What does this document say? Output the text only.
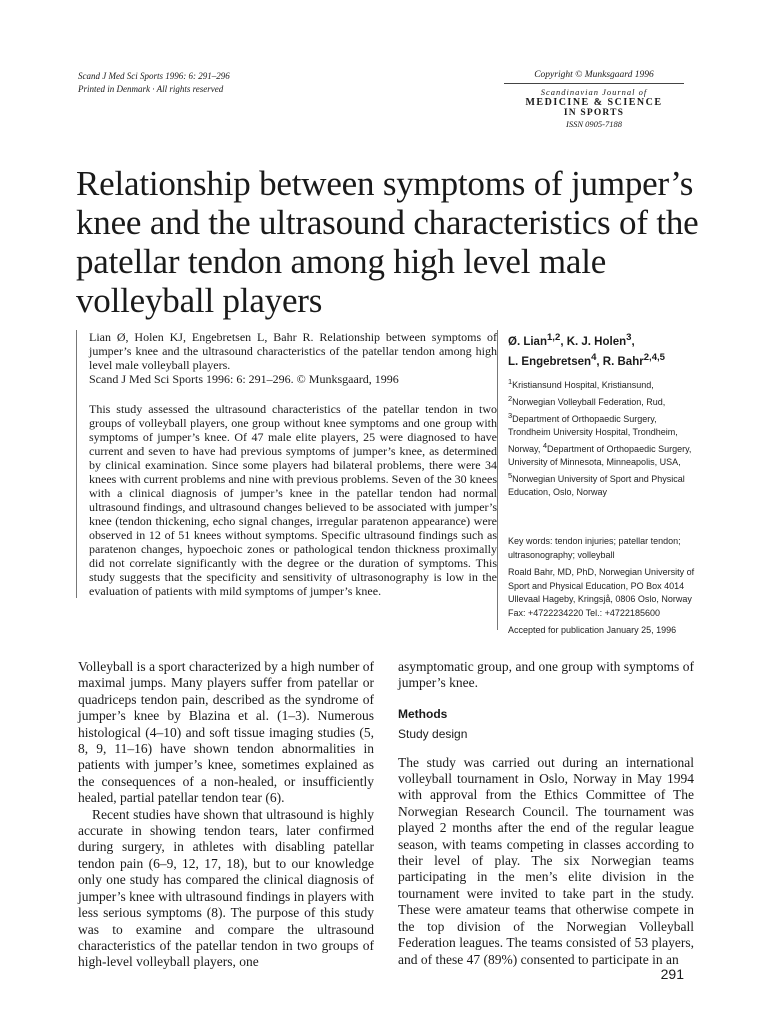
Scand J Med Sci Sports 1996: 6: 291–296
Printed in Denmark · All rights reserved
Copyright © Munksgaard 1996
Scandinavian Journal of
MEDICINE & SCIENCE
IN SPORTS
ISSN 0905-7188
Relationship between symptoms of jumper’s knee and the ultrasound characteristics of the patellar tendon among high level male volleyball players
Lian Ø, Holen KJ, Engebretsen L, Bahr R. Relationship between symptoms of jumper’s knee and the ultrasound characteristics of the patellar tendon among high level male volleyball players.
Scand J Med Sci Sports 1996: 6: 291–296. © Munksgaard, 1996
This study assessed the ultrasound characteristics of the patellar tendon in two groups of volleyball players, one group without knee symptoms and one group with symptoms of jumper’s knee. Of 47 male elite players, 25 were diagnosed to have current and seven to have had previous symptoms of jumper’s knee, as determined by clinical examination. Since some players had bilateral problems, there were 34 knees with current problems and nine with previous problems. Seven of the 30 knees with a clinical diagnosis of jumper’s knee in the patellar tendon had normal ultrasound findings, and ultrasound changes believed to be associated with jumper’s knee (tendon thickening, echo signal changes, irregular paratenon appearance) were observed in 12 of 51 knees without symptoms. Specific ultrasound findings such as paratenon changes, hypoechoic zones or pathological tendon thickness proximally did not correlate significantly with the degree or the duration of symptoms. This study suggests that the specificity and sensitivity of ultrasonography is low in the evaluation of patients with mild symptoms of jumper’s knee.
Ø. Lian$^{1,2}$, K. J. Holen$^3$,
L. Engebretsen$^4$, R. Bahr$^{2,4,5}$
$^1$Kristiansund Hospital, Kristiansund, $^2$Norwegian Volleyball Federation, Rud, $^3$Department of Orthopaedic Surgery, Trondheim University Hospital, Trondheim, Norway, $^4$Department of Orthopaedic Surgery, University of Minnesota, Minneapolis, USA, $^5$Norwegian University of Sport and Physical Education, Oslo, Norway
Key words: tendon injuries; patellar tendon; ultrasonography; volleyball
Roald Bahr, MD, PhD, Norwegian University of Sport and Physical Education, PO Box 4014 Ullevaal Hageby, Kringsjå, 0806 Oslo, Norway Fax: +4722234220 Tel.: +4722185600
Accepted for publication January 25, 1996

Volleyball is a sport characterized by a high number of maximal jumps. Many players suffer from patellar or quadriceps tendon pain, described as the syndrome of jumper’s knee by Blazina et al. (1–3). Numerous histological (4–10) and soft tissue imaging studies (5, 8, 9, 11–16) have shown tendon abnormalities in patients with jumper’s knee, sometimes explained as the consequences of a non-healed, or insufficiently healed, partial patellar tendon tear (6).

Recent studies have shown that ultrasound is highly accurate in showing tendon tears, later confirmed during surgery, in athletes with disabling patellar tendon pain (6–9, 12, 17, 18), but to our knowledge only one study has compared the clinical diagnosis of jumper’s knee with ultrasound findings in players with less serious symptoms (8). The purpose of this study was to examine and compare the ultrasound characteristics of the patellar tendon in two groups of high-level volleyball players, one

asymptomatic group, and one group with symptoms of jumper’s knee.

Methods
Study design

The study was carried out during an international volleyball tournament in Oslo, Norway in May 1994 with approval from the Ethics Committee of The Norwegian Research Council. The tournament was played 2 months after the end of the regular league season, with teams competing in classes according to their level of play. The six Norwegian teams participating in the men’s elite division in the tournament were invited to take part in the study. These were amateur teams that otherwise compete in the top division of the Norwegian Volleyball Federation leagues. The teams consisted of 53 players, and of these 47 (89%) consented to participate in an

291
